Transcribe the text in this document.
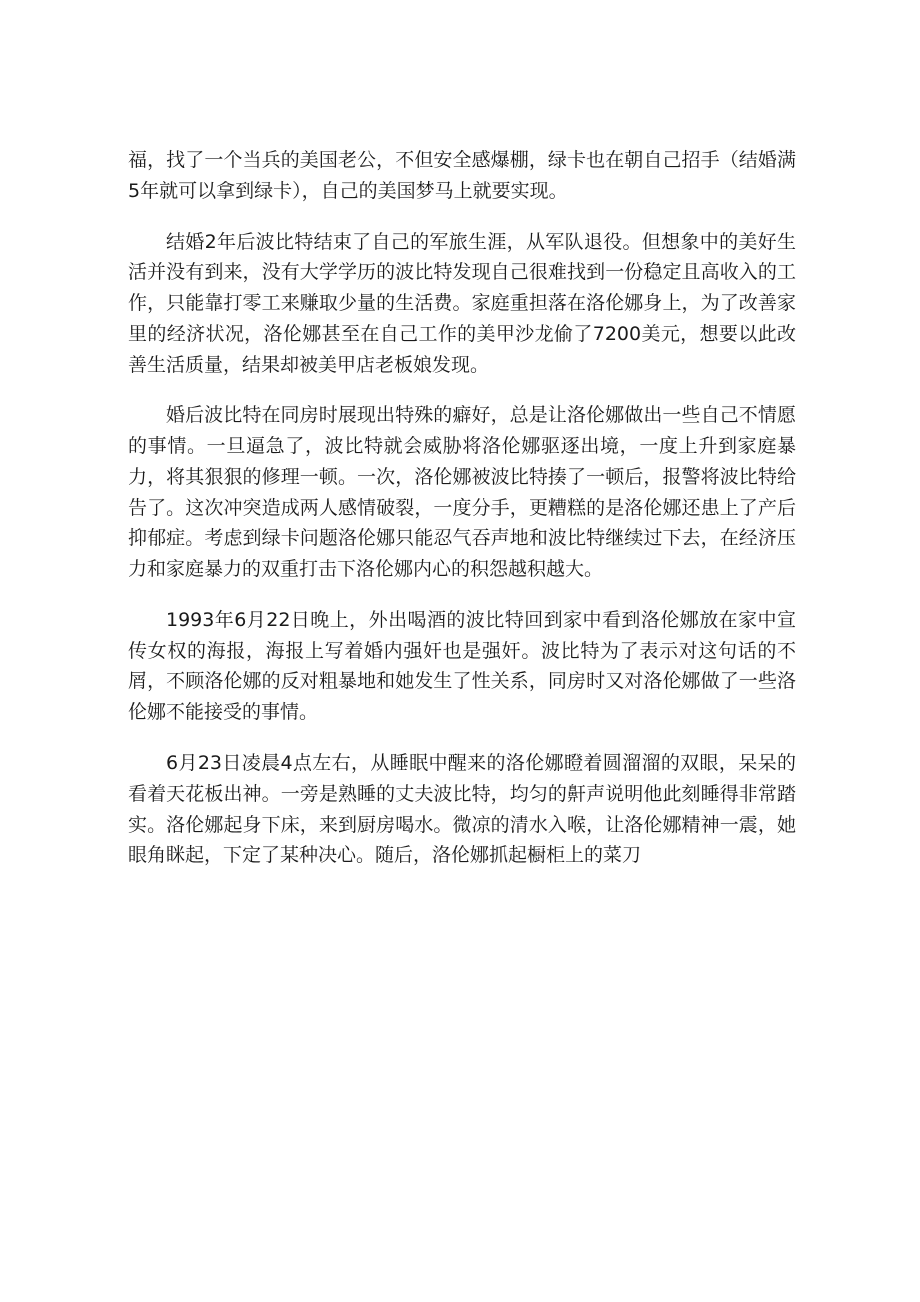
福，找了一个当兵的美国老公，不但安全感爆棚，绿卡也在朝自己招手（结婚满5年就可以拿到绿卡），自己的美国梦马上就要实现。

结婚2年后波比特结束了自己的军旅生涯，从军队退役。但想象中的美好生活并没有到来，没有大学学历的波比特发现自己很难找到一份稳定且高收入的工作，只能靠打零工来赚取少量的生活费。家庭重担落在洛伦娜身上，为了改善家里的经济状况，洛伦娜甚至在自己工作的美甲沙龙偷了7200美元，想要以此改善生活质量，结果却被美甲店老板娘发现。

婚后波比特在同房时展现出特殊的癖好，总是让洛伦娜做出一些自己不情愿的事情。一旦逼急了，波比特就会威胁将洛伦娜驱逐出境，一度上升到家庭暴力，将其狠狠的修理一顿。一次，洛伦娜被波比特揍了一顿后，报警将波比特给告了。这次冲突造成两人感情破裂，一度分手，更糟糕的是洛伦娜还患上了产后抑郁症。考虑到绿卡问题洛伦娜只能忍气吞声地和波比特继续过下去，在经济压力和家庭暴力的双重打击下洛伦娜内心的积怨越积越大。

1993年6月22日晚上，外出喝酒的波比特回到家中看到洛伦娜放在家中宣传女权的海报，海报上写着婚内强奸也是强奸。波比特为了表示对这句话的不屑，不顾洛伦娜的反对粗暴地和她发生了性关系，同房时又对洛伦娜做了一些洛伦娜不能接受的事情。

6月23日凌晨4点左右，从睡眠中醒来的洛伦娜瞪着圆溜溜的双眼，呆呆的看着天花板出神。一旁是熟睡的丈夫波比特，均匀的鼾声说明他此刻睡得非常踏实。洛伦娜起身下床，来到厨房喝水。微凉的清水入喉，让洛伦娜精神一震，她眼角眯起，下定了某种决心。随后，洛伦娜抓起橱柜上的菜刀
